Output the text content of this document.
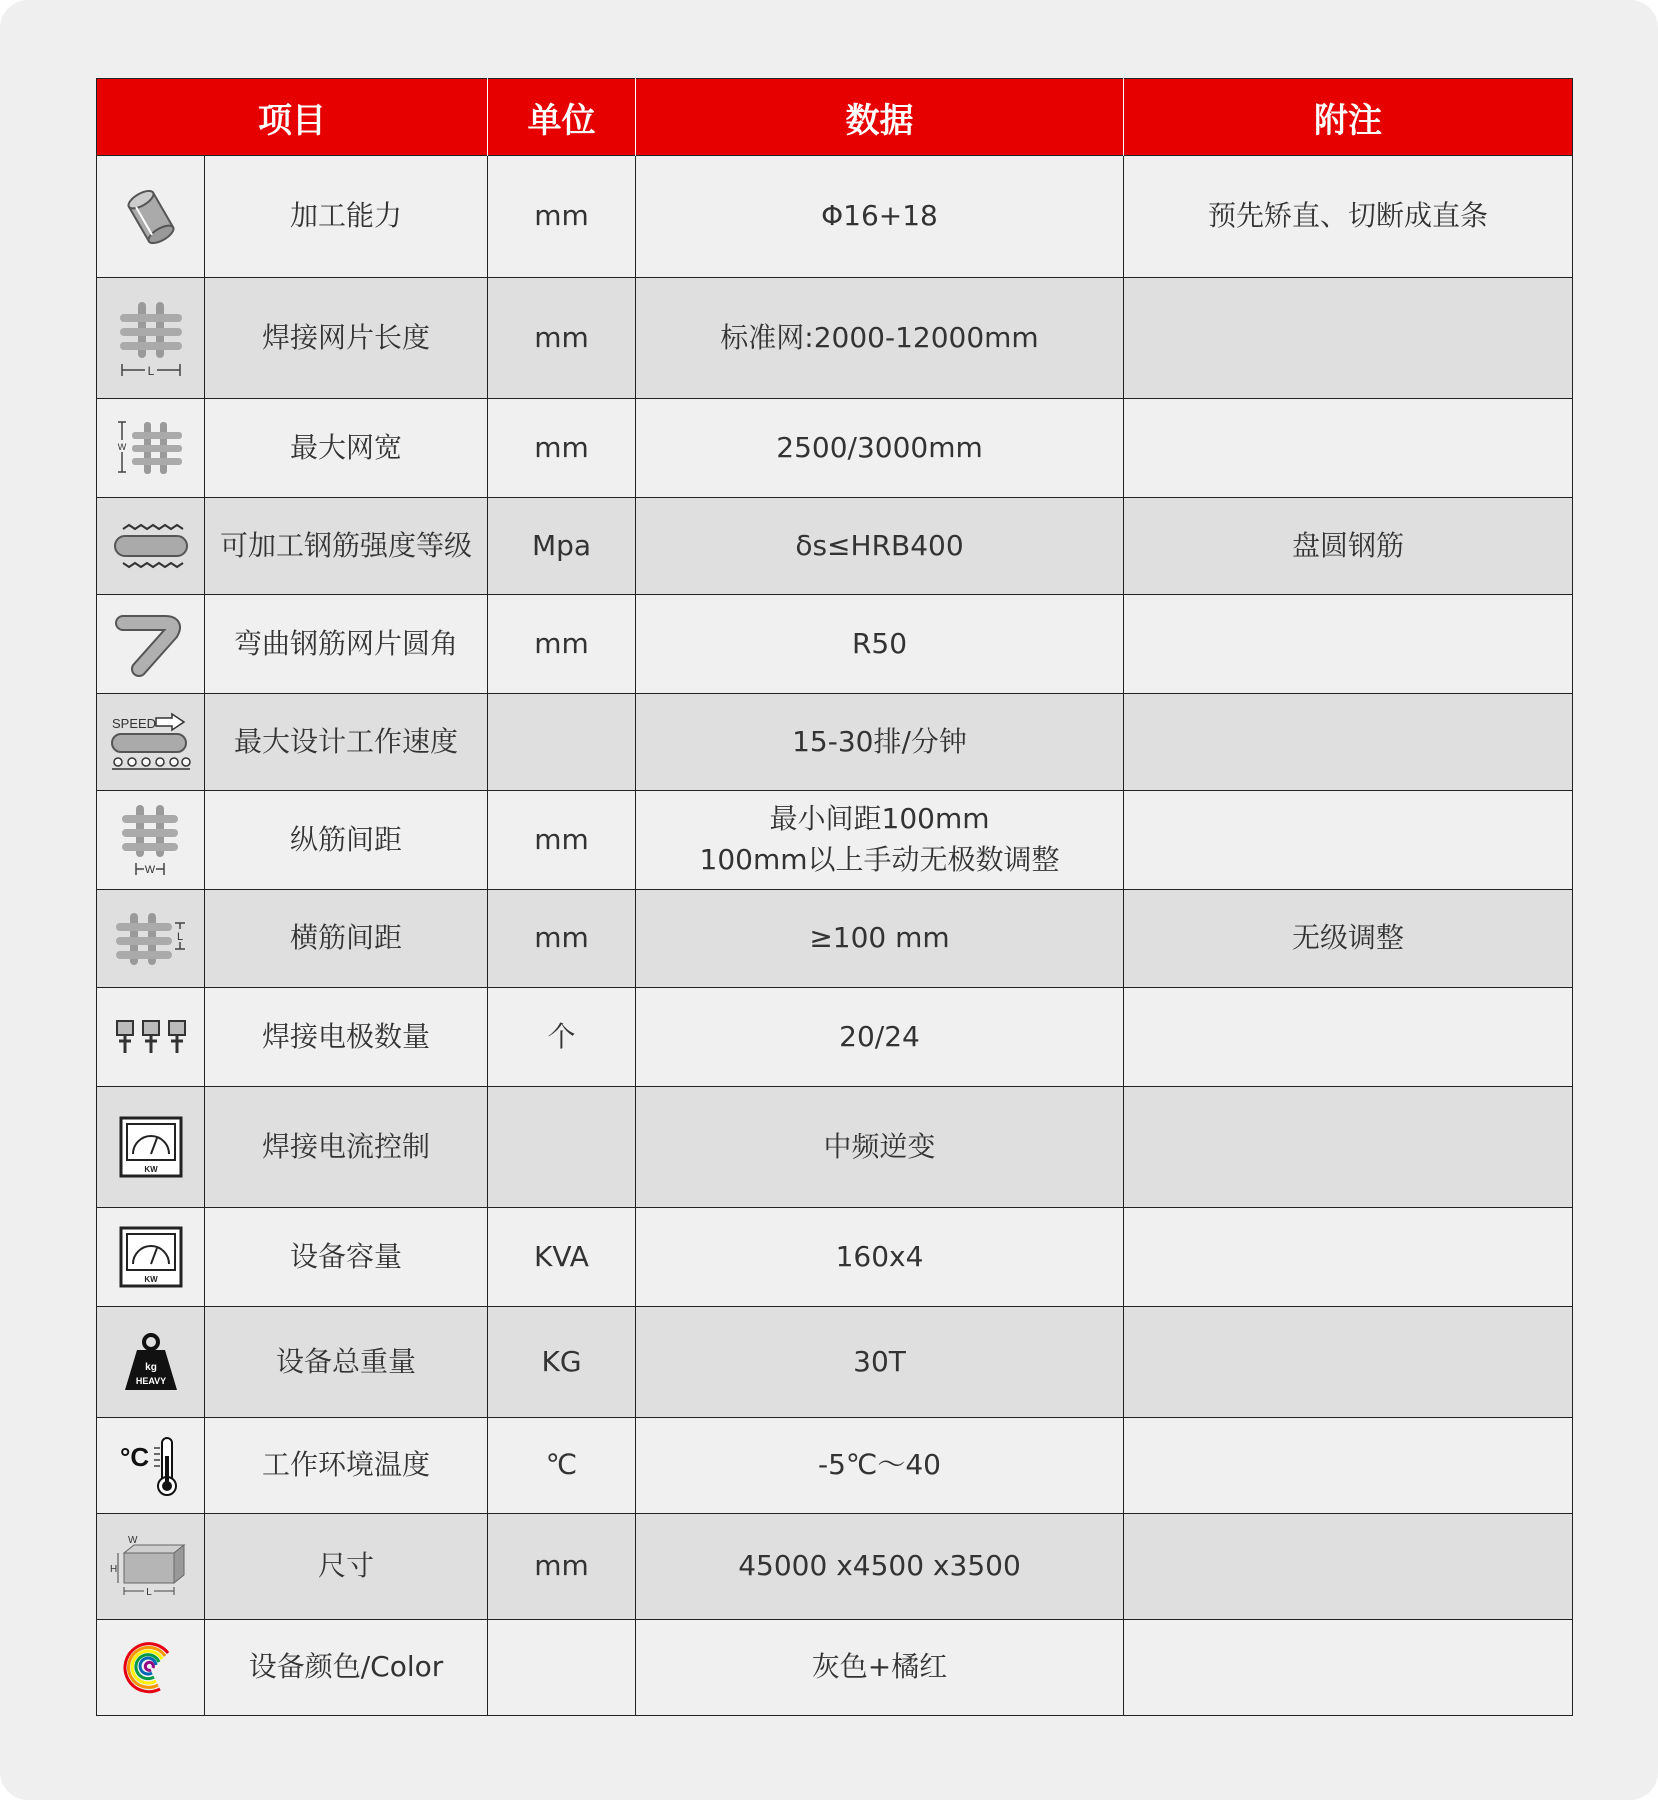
项目		单位	数据	附注

	加工能力	mm	Φ16+18	预先矫直、切断成直条

L	焊接网片长度	mm	标准网:2000-12000mm	

W	最大网宽	mm	2500/3000mm	

	可加工钢筋强度等级	Mpa	δs≤HRB400	盘圆钢筋

	弯曲钢筋网片圆角	mm	R50	

SPEED	最大设计工作速度		15-30排/分钟	

W	纵筋间距	mm	最小间距100mm
100mm以上手动无极数调整	

L	横筋间距	mm	≥100 mm	无级调整

	焊接电极数量	个	20/24	

KW	焊接电流控制		中频逆变	

KW	设备容量	KVA	160x4	

kg
HEAVY	设备总重量	KG	30T	

°C	工作环境温度	℃	-5℃～40	

W
H
L	尺寸	mm	45000 x4500 x3500	

	设备颜色/Color		灰色+橘红	
